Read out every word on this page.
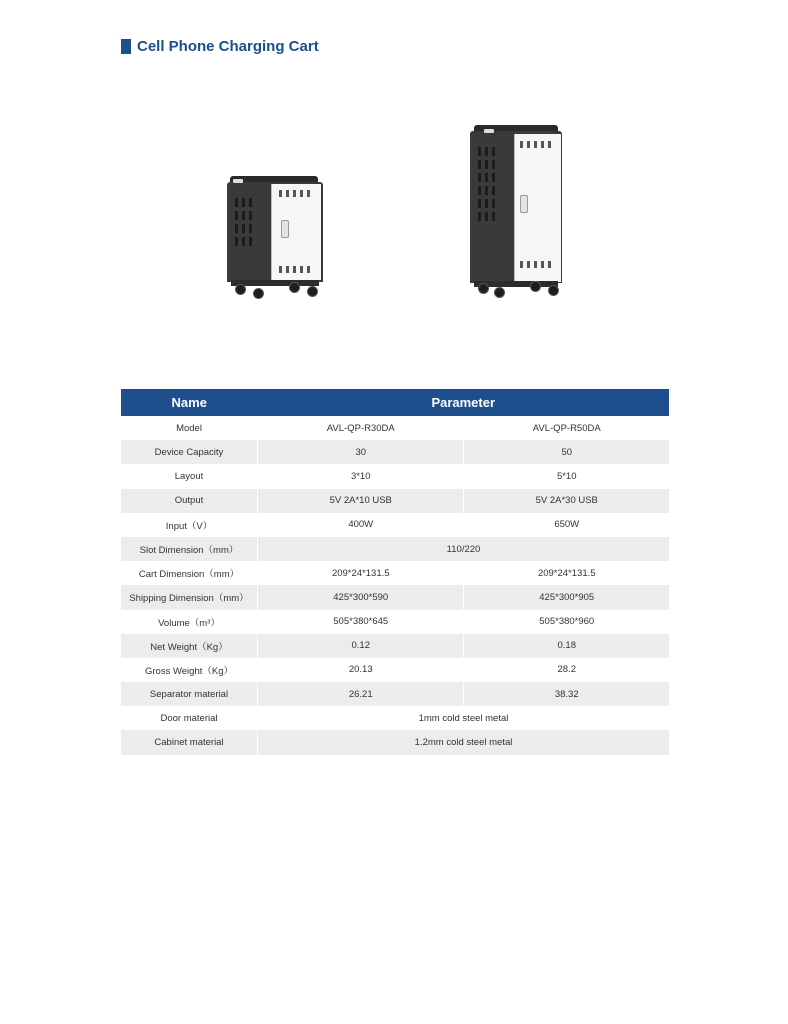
Cell Phone Charging Cart
Name	Parameter	
Model	AVL-QP-R30DA	AVL-QP-R50DA
Device Capacity	30	50
Layout	3*10	5*10
Output	5V 2A*10 USB	5V 2A*30 USB
Input（V）	400W	650W
Slot Dimension（mm）	110/220	
Cart Dimension（mm）	209*24*131.5	209*24*131.5
Shipping Dimension（mm）	425*300*590	425*300*905
Volume（m³）	505*380*645	505*380*960
Net Weight（Kg）	0.12	0.18
Gross Weight（Kg）	20.13	28.2
Separator material	26.21	38.32
Door material	1mm cold steel metal	
Cabinet material	1.2mm cold steel metal	
